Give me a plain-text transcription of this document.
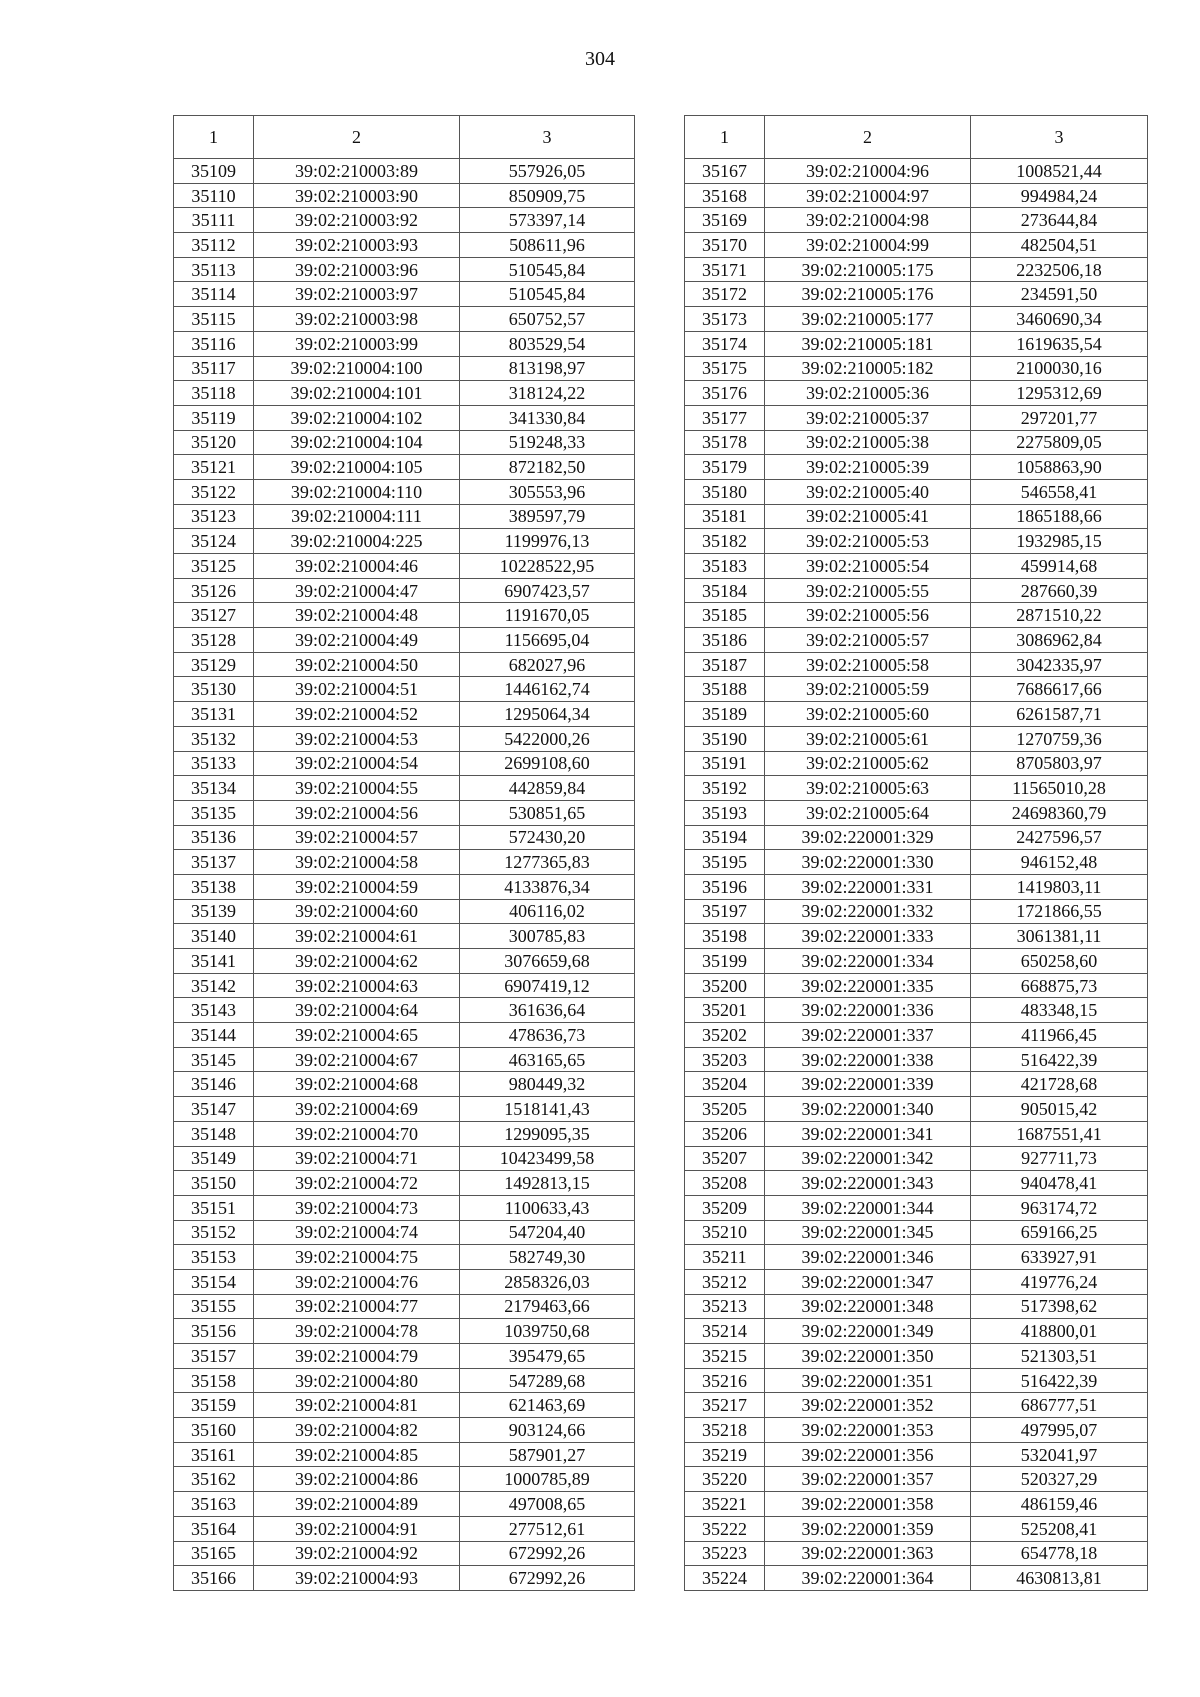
304
1	2	3
35109	39:02:210003:89	557926,05
35110	39:02:210003:90	850909,75
35111	39:02:210003:92	573397,14
35112	39:02:210003:93	508611,96
35113	39:02:210003:96	510545,84
35114	39:02:210003:97	510545,84
35115	39:02:210003:98	650752,57
35116	39:02:210003:99	803529,54
35117	39:02:210004:100	813198,97
35118	39:02:210004:101	318124,22
35119	39:02:210004:102	341330,84
35120	39:02:210004:104	519248,33
35121	39:02:210004:105	872182,50
35122	39:02:210004:110	305553,96
35123	39:02:210004:111	389597,79
35124	39:02:210004:225	1199976,13
35125	39:02:210004:46	10228522,95
35126	39:02:210004:47	6907423,57
35127	39:02:210004:48	1191670,05
35128	39:02:210004:49	1156695,04
35129	39:02:210004:50	682027,96
35130	39:02:210004:51	1446162,74
35131	39:02:210004:52	1295064,34
35132	39:02:210004:53	5422000,26
35133	39:02:210004:54	2699108,60
35134	39:02:210004:55	442859,84
35135	39:02:210004:56	530851,65
35136	39:02:210004:57	572430,20
35137	39:02:210004:58	1277365,83
35138	39:02:210004:59	4133876,34
35139	39:02:210004:60	406116,02
35140	39:02:210004:61	300785,83
35141	39:02:210004:62	3076659,68
35142	39:02:210004:63	6907419,12
35143	39:02:210004:64	361636,64
35144	39:02:210004:65	478636,73
35145	39:02:210004:67	463165,65
35146	39:02:210004:68	980449,32
35147	39:02:210004:69	1518141,43
35148	39:02:210004:70	1299095,35
35149	39:02:210004:71	10423499,58
35150	39:02:210004:72	1492813,15
35151	39:02:210004:73	1100633,43
35152	39:02:210004:74	547204,40
35153	39:02:210004:75	582749,30
35154	39:02:210004:76	2858326,03
35155	39:02:210004:77	2179463,66
35156	39:02:210004:78	1039750,68
35157	39:02:210004:79	395479,65
35158	39:02:210004:80	547289,68
35159	39:02:210004:81	621463,69
35160	39:02:210004:82	903124,66
35161	39:02:210004:85	587901,27
35162	39:02:210004:86	1000785,89
35163	39:02:210004:89	497008,65
35164	39:02:210004:91	277512,61
35165	39:02:210004:92	672992,26
35166	39:02:210004:93	672992,26
1	2	3
35167	39:02:210004:96	1008521,44
35168	39:02:210004:97	994984,24
35169	39:02:210004:98	273644,84
35170	39:02:210004:99	482504,51
35171	39:02:210005:175	2232506,18
35172	39:02:210005:176	234591,50
35173	39:02:210005:177	3460690,34
35174	39:02:210005:181	1619635,54
35175	39:02:210005:182	2100030,16
35176	39:02:210005:36	1295312,69
35177	39:02:210005:37	297201,77
35178	39:02:210005:38	2275809,05
35179	39:02:210005:39	1058863,90
35180	39:02:210005:40	546558,41
35181	39:02:210005:41	1865188,66
35182	39:02:210005:53	1932985,15
35183	39:02:210005:54	459914,68
35184	39:02:210005:55	287660,39
35185	39:02:210005:56	2871510,22
35186	39:02:210005:57	3086962,84
35187	39:02:210005:58	3042335,97
35188	39:02:210005:59	7686617,66
35189	39:02:210005:60	6261587,71
35190	39:02:210005:61	1270759,36
35191	39:02:210005:62	8705803,97
35192	39:02:210005:63	11565010,28
35193	39:02:210005:64	24698360,79
35194	39:02:220001:329	2427596,57
35195	39:02:220001:330	946152,48
35196	39:02:220001:331	1419803,11
35197	39:02:220001:332	1721866,55
35198	39:02:220001:333	3061381,11
35199	39:02:220001:334	650258,60
35200	39:02:220001:335	668875,73
35201	39:02:220001:336	483348,15
35202	39:02:220001:337	411966,45
35203	39:02:220001:338	516422,39
35204	39:02:220001:339	421728,68
35205	39:02:220001:340	905015,42
35206	39:02:220001:341	1687551,41
35207	39:02:220001:342	927711,73
35208	39:02:220001:343	940478,41
35209	39:02:220001:344	963174,72
35210	39:02:220001:345	659166,25
35211	39:02:220001:346	633927,91
35212	39:02:220001:347	419776,24
35213	39:02:220001:348	517398,62
35214	39:02:220001:349	418800,01
35215	39:02:220001:350	521303,51
35216	39:02:220001:351	516422,39
35217	39:02:220001:352	686777,51
35218	39:02:220001:353	497995,07
35219	39:02:220001:356	532041,97
35220	39:02:220001:357	520327,29
35221	39:02:220001:358	486159,46
35222	39:02:220001:359	525208,41
35223	39:02:220001:363	654778,18
35224	39:02:220001:364	4630813,81
